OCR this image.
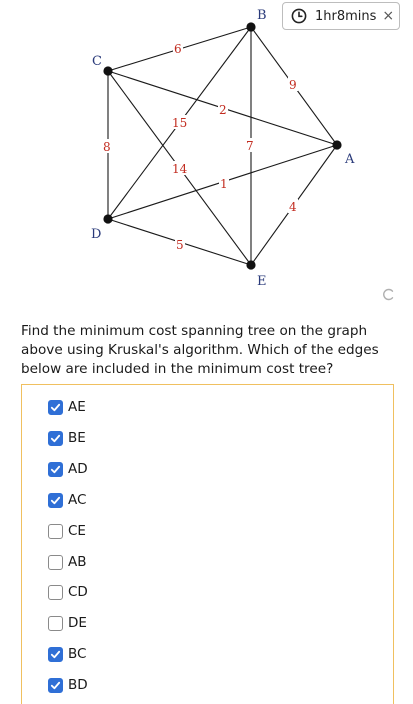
1hr8mins ×
6
9
2
15
8	7
14
1
4
5
A
B
C
D
E
Find the minimum cost spanning tree on the graph above using Kruskal's algorithm. Which of the edges below are included in the minimum cost tree?
AE
BE
AD
AC
CE
AB
CD
DE
BC
BD
